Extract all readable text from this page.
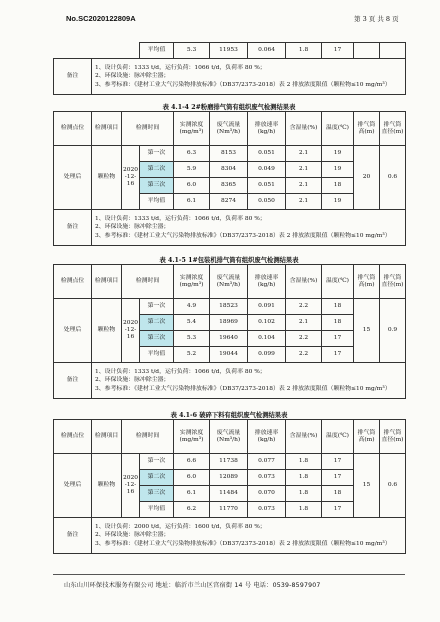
No.SC2020122809A	第 3 页 共 8 页
		平均值	5.3	11953	0.064	1.8	17		
备注	1、设计负荷：1333 t/d，运行负荷：1066 t/d，负荷率 80 %；
2、环保设施：脉冲除尘器；
3、参考标准：《建材工业大气污染物排放标准》（DB37/2373-2018）表 2 排放浓度限值（颗粒物≤10 mg/m³）								
表 4.1-4 2#粉磨排气筒有组织废气检测结果表
检测点位	检测项目	检测时间		实测浓度(mg/m³)	废气流量(Nm³/h)	排放速率(kg/h)	含湿量(%)	温度(℃)	排气筒高(m)	排气筒直径(m)
处理后	颗粒物	2020-12-16	第一次	6.3	8153	0.051	2.1	19	20	0.6
			第二次	5.9	8304	0.049	2.1	19		
			第三次	6.0	8365	0.051	2.1	18		
			平均值	6.1	8274	0.050	2.1	19		
备注	1、设计负荷：1333 t/d，运行负荷：1066 t/d，负荷率 80 %；
2、环保设施：脉冲除尘器；
3、参考标准：《建材工业大气污染物排放标准》（DB37/2373-2018）表 2 排放浓度限值（颗粒物≤10 mg/m³）									
表 4.1-5 1#包装机排气筒有组织废气检测结果表
检测点位	检测项目	检测时间		实测浓度(mg/m³)	废气流量(Nm³/h)	排放速率(kg/h)	含湿量(%)	温度(℃)	排气筒高(m)	排气筒直径(m)
处理后	颗粒物	2020-12-16	第一次	4.9	18523	0.091	2.2	18	15	0.9
			第二次	5.4	18969	0.102	2.1	18		
			第三次	5.3	19640	0.104	2.2	17		
			平均值	5.2	19044	0.099	2.2	17		
备注	1、设计负荷：1333 t/d，运行负荷：1066 t/d，负荷率 80 %；
2、环保设施：脉冲除尘器；
3、参考标准：《建材工业大气污染物排放标准》（DB37/2373-2018）表 2 排放浓度限值（颗粒物≤10 mg/m³）									
表 4.1-6 破碎下料有组织废气检测结果表
检测点位	检测项目	检测时间		实测浓度(mg/m³)	废气流量(Nm³/h)	排放速率(kg/h)	含湿量(%)	温度(℃)	排气筒高(m)	排气筒直径(m)
处理后	颗粒物	2020-12-16	第一次	6.6	11738	0.077	1.8	17	15	0.6
			第二次	6.0	12089	0.073	1.8	17		
			第三次	6.1	11484	0.070	1.8	18		
			平均值	6.2	11770	0.073	1.8	17		
备注	1、设计负荷：2000 t/d，运行负荷：1600 t/d，负荷率 80 %；
2、环保设施：脉冲除尘器；
3、参考标准：《建材工业大气污染物排放标准》（DB37/2373-2018）表 2 排放浓度限值（颗粒物≤10 mg/m³）									
山东山川环保技术服务有限公司 地址：临沂市兰山区宫宿街 14 号 电话：0539-8597907
